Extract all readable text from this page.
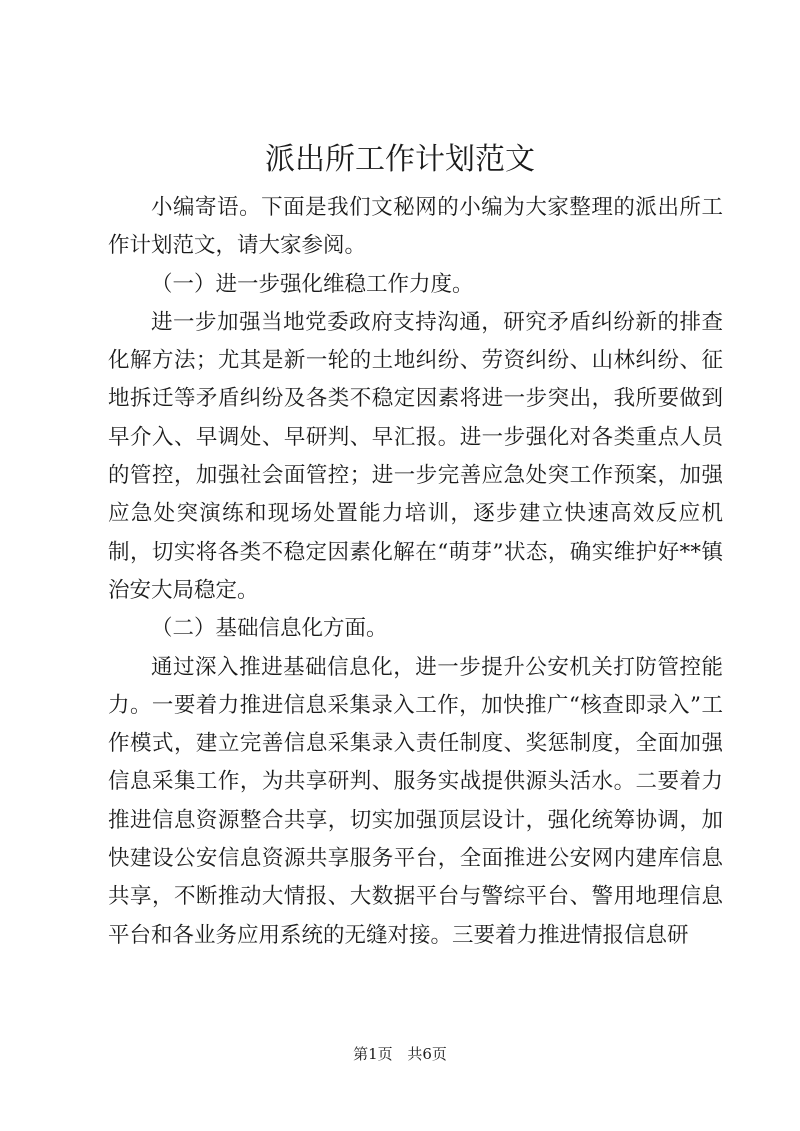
派出所工作计划范文

小编寄语。下面是我们文秘网的小编为大家整理的派出所工作计划范文，请大家参阅。

（一）进一步强化维稳工作力度。

进一步加强当地党委政府支持沟通，研究矛盾纠纷新的排查化解方法；尤其是新一轮的土地纠纷、劳资纠纷、山林纠纷、征地拆迁等矛盾纠纷及各类不稳定因素将进一步突出，我所要做到早介入、早调处、早研判、早汇报。进一步强化对各类重点人员的管控，加强社会面管控；进一步完善应急处突工作预案，加强应急处突演练和现场处置能力培训，逐步建立快速高效反应机制，切实将各类不稳定因素化解在“萌芽”状态，确实维护好**镇治安大局稳定。

（二）基础信息化方面。

通过深入推进基础信息化，进一步提升公安机关打防管控能力。一要着力推进信息采集录入工作，加快推广“核查即录入”工作模式，建立完善信息采集录入责任制度、奖惩制度，全面加强信息采集工作，为共享研判、服务实战提供源头活水。二要着力推进信息资源整合共享，切实加强顶层设计，强化统筹协调，加快建设公安信息资源共享服务平台，全面推进公安网内建库信息共享，不断推动大情报、大数据平台与警综平台、警用地理信息平台和各业务应用系统的无缝对接。三要着力推进情报信息研

第1页 共6页
